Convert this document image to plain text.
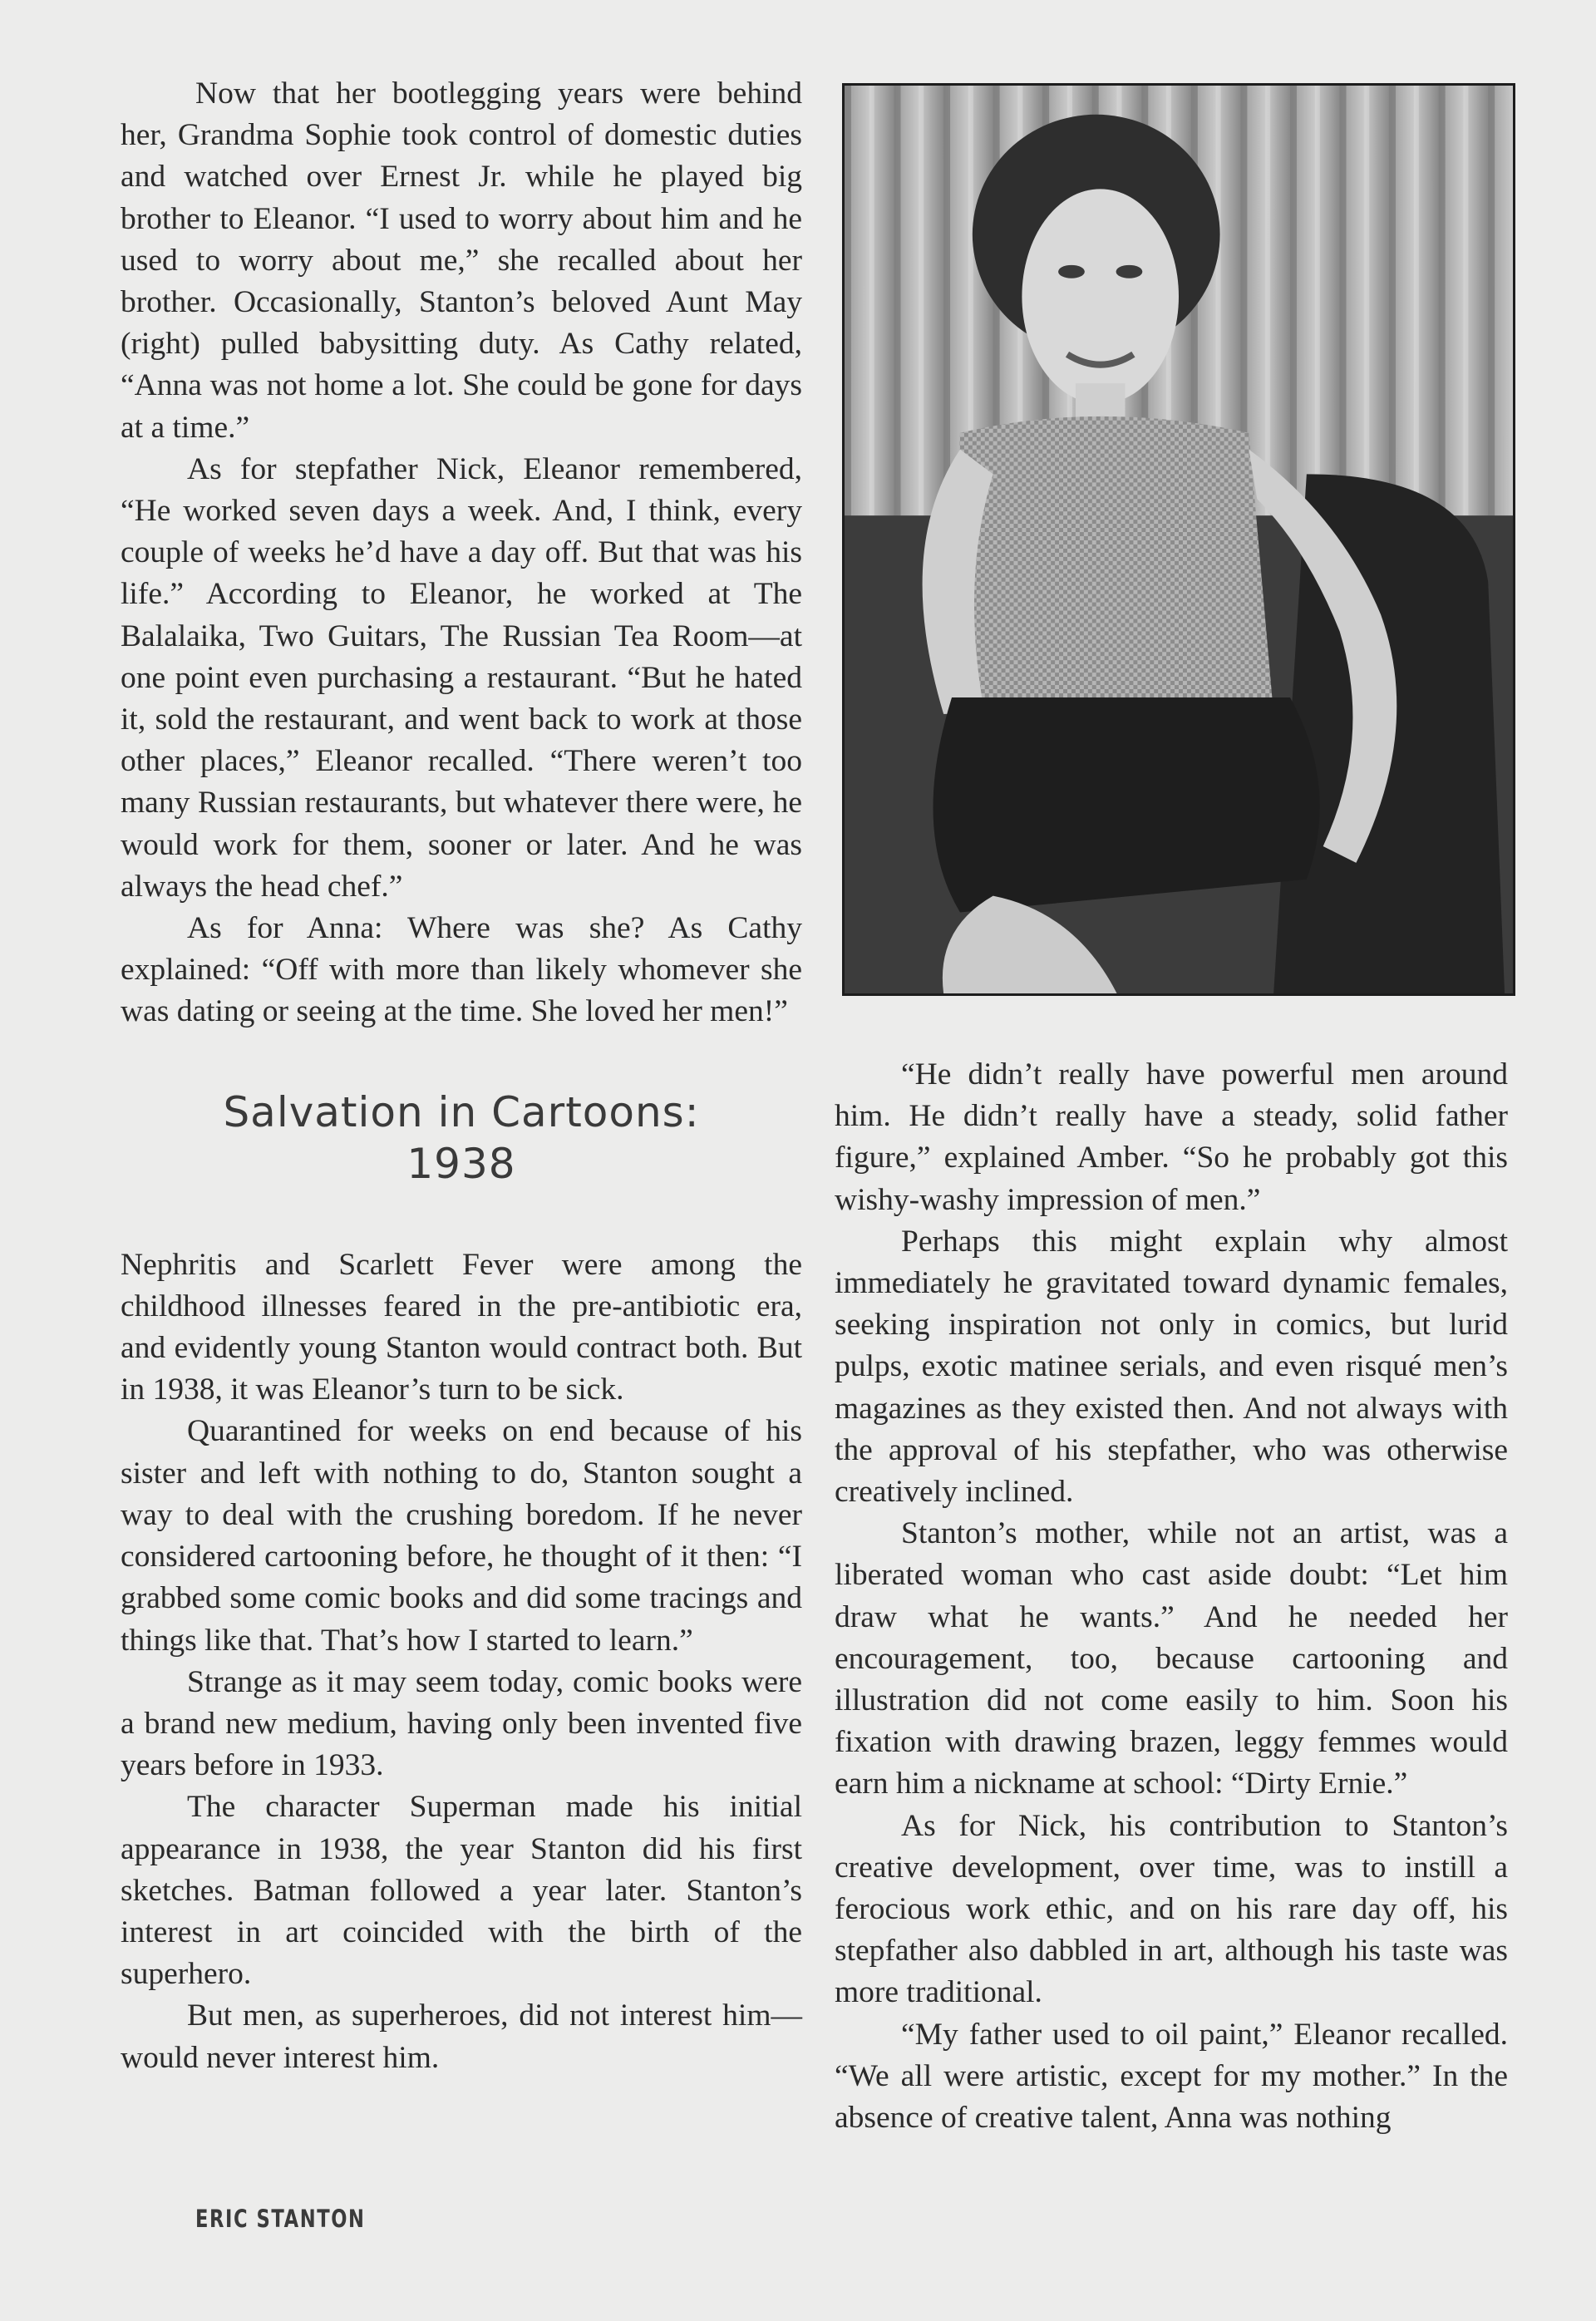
Now that her bootlegging years were behind her, Grandma Sophie took control of domestic duties and watched over Ernest Jr. while he played big brother to Eleanor. “I used to worry about him and he used to worry about me,” she recalled about her brother. Occasionally, Stanton’s beloved Aunt May (right) pulled babysitting duty. As Cathy related, “Anna was not home a lot. She could be gone for days at a time.”

As for stepfather Nick, Eleanor remembered, “He worked seven days a week. And, I think, every couple of weeks he’d have a day off. But that was his life.” According to Eleanor, he worked at The Balalaika, Two Guitars, The Russian Tea Room—at one point even purchasing a restaurant. “But he hated it, sold the restaurant, and went back to work at those other places,” Eleanor recalled. “There weren’t too many Russian restaurants, but whatever there were, he would work for them, sooner or later. And he was always the head chef.”

As for Anna: Where was she? As Cathy explained: “Off with more than likely whomever she was dating or seeing at the time. She loved her men!”

Salvation in Cartoons:
1938

Nephritis and Scarlett Fever were among the childhood illnesses feared in the pre-antibiotic era, and evidently young Stanton would contract both. But in 1938, it was Eleanor’s turn to be sick.

Quarantined for weeks on end because of his sister and left with nothing to do, Stanton sought a way to deal with the crushing boredom. If he never considered cartooning before, he thought of it then: “I grabbed some comic books and did some tracings and things like that. That’s how I started to learn.”

Strange as it may seem today, comic books were a brand new medium, having only been invented five years before in 1933.

The character Superman made his initial appearance in 1938, the year Stanton did his first sketches. Batman followed a year later. Stanton’s interest in art coincided with the birth of the superhero.

But men, as superheroes, did not interest him—would never interest him.

“He didn’t really have powerful men around him. He didn’t really have a steady, solid father figure,” explained Amber. “So he probably got this wishy-washy impression of men.”

Perhaps this might explain why almost immediately he gravitated toward dynamic females, seeking inspiration not only in comics, but lurid pulps, exotic matinee serials, and even risqué men’s magazines as they existed then. And not always with the approval of his stepfather, who was otherwise creatively inclined.

Stanton’s mother, while not an artist, was a liberated woman who cast aside doubt: “Let him draw what he wants.” And he needed her encouragement, too, because cartooning and illustration did not come easily to him. Soon his fixation with drawing brazen, leggy femmes would earn him a nickname at school: “Dirty Ernie.”

As for Nick, his contribution to Stanton’s creative development, over time, was to instill a ferocious work ethic, and on his rare day off, his stepfather also dabbled in art, although his taste was more traditional.

“My father used to oil paint,” Eleanor recalled. “We all were artistic, except for my mother.” In the absence of creative talent, Anna was nothing

ERIC STANTON
